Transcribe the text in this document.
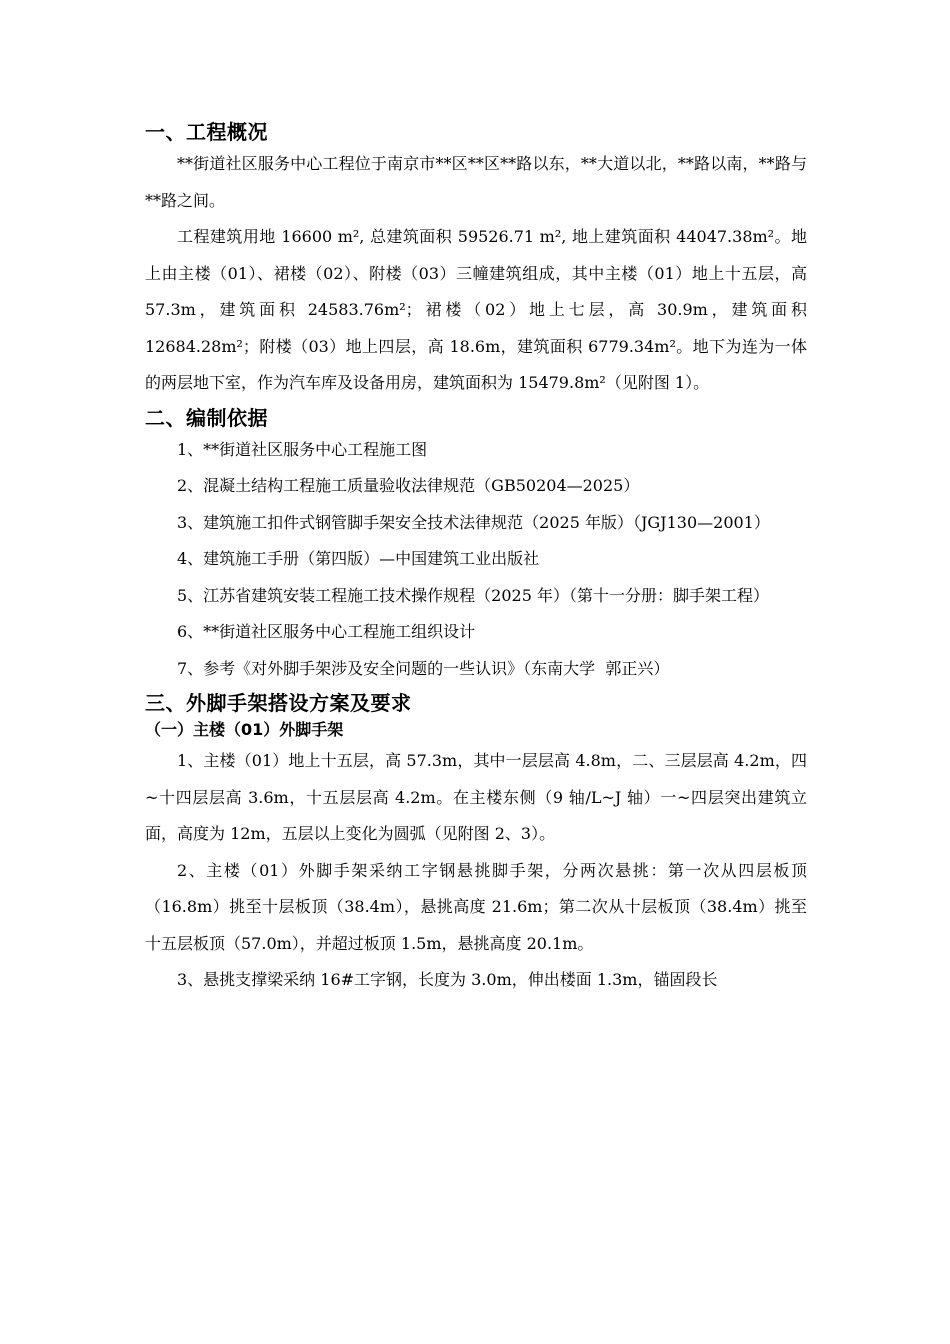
一、工程概况

**街道社区服务中心工程位于南京市**区**区**路以东，**大道以北，**路以南，**路与**路之间。

工程建筑用地 16600 m², 总建筑面积 59526.71 m², 地上建筑面积 44047.38m²。地上由主楼（01）、裙楼（02）、附楼（03）三幢建筑组成，其中主楼（01）地上十五层，高 57.3m，建筑面积 24583.76m²；裙楼（02）地上七层，高 30.9m，建筑面积 12684.28m²；附楼（03）地上四层，高 18.6m，建筑面积 6779.34m²。地下为连为一体的两层地下室，作为汽车库及设备用房，建筑面积为 15479.8m²（见附图 1）。

二、编制依据

1、**街道社区服务中心工程施工图

2、混凝土结构工程施工质量验收法律规范（GB50204—2025）

3、建筑施工扣件式钢管脚手架安全技术法律规范（2025 年版）（JGJ130—2001）

4、建筑施工手册（第四版）—中国建筑工业出版社

5、江苏省建筑安装工程施工技术操作规程（2025 年）（第十一分册：脚手架工程）

6、**街道社区服务中心工程施工组织设计

7、参考《对外脚手架涉及安全问题的一些认识》（东南大学  郭正兴）

三、外脚手架搭设方案及要求
（一）主楼（01）外脚手架

1、主楼（01）地上十五层，高 57.3m，其中一层层高 4.8m，二、三层层高 4.2m，四~十四层层高 3.6m，十五层层高 4.2m。在主楼东侧（9 轴/L~J 轴）一~四层突出建筑立面，高度为 12m，五层以上变化为圆弧（见附图 2、3）。

2、主楼（01）外脚手架采纳工字钢悬挑脚手架，分两次悬挑：第一次从四层板顶（16.8m）挑至十层板顶（38.4m），悬挑高度 21.6m；第二次从十层板顶（38.4m）挑至十五层板顶（57.0m），并超过板顶 1.5m，悬挑高度 20.1m。

3、悬挑支撑梁采纳 16#工字钢，长度为 3.0m，伸出楼面 1.3m，锚固段长
